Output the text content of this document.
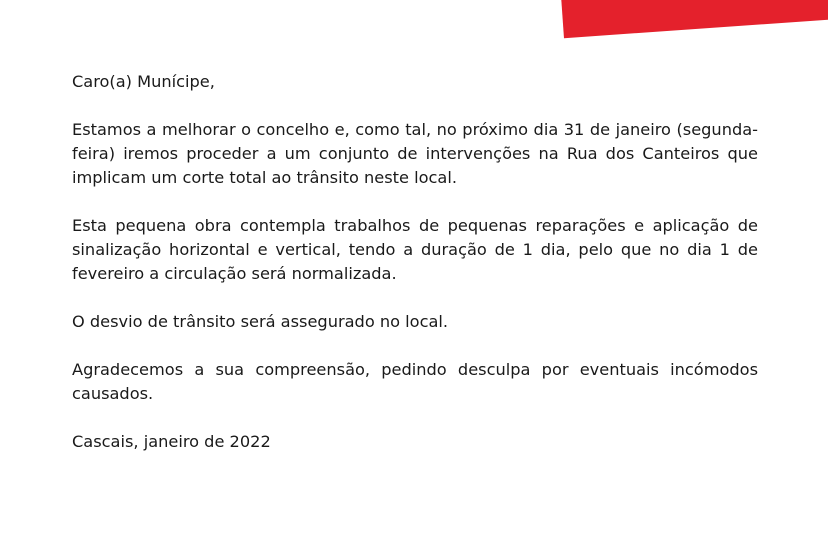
Caro(a) Munícipe,

Estamos a melhorar o concelho e, como tal, no próximo dia 31 de janeiro (segunda-feira) iremos proceder a um conjunto de intervenções na Rua dos Canteiros que implicam um corte total ao trânsito neste local.

Esta pequena obra contempla trabalhos de pequenas reparações e aplicação de sinalização horizontal e vertical, tendo a duração de 1 dia, pelo que no dia 1 de fevereiro a circulação será normalizada.

O desvio de trânsito será assegurado no local.

Agradecemos a sua compreensão, pedindo desculpa por eventuais incómodos causados.

Cascais, janeiro de 2022
